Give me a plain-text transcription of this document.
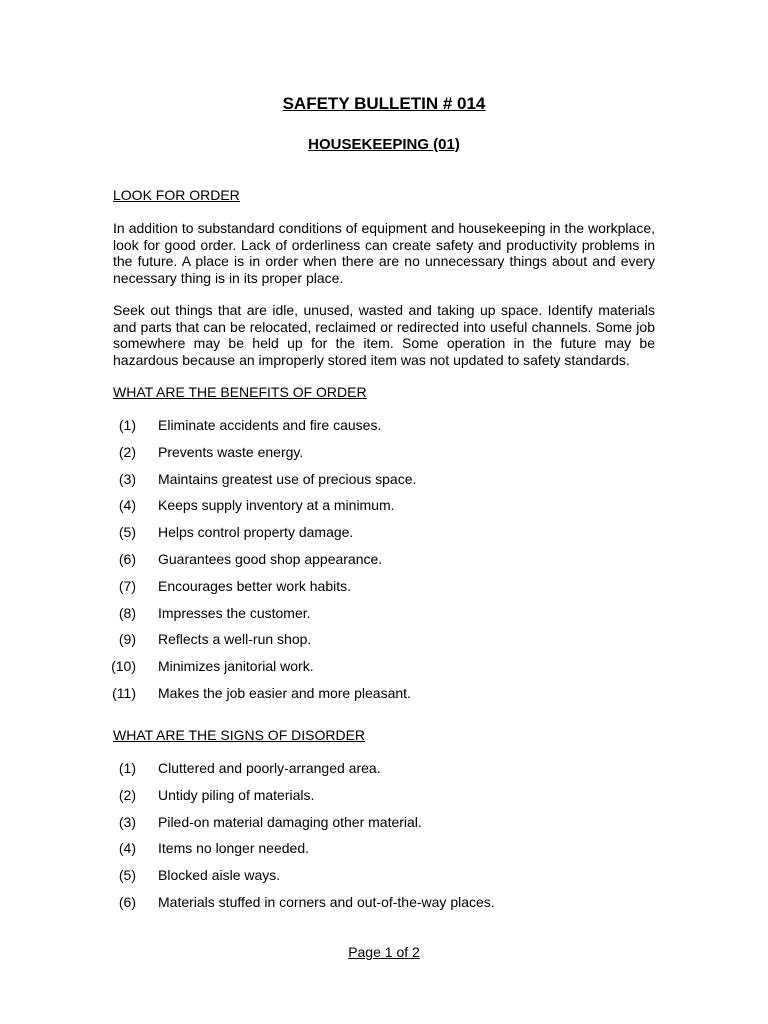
SAFETY BULLETIN # 014
HOUSEKEEPING (01)
LOOK FOR ORDER
In addition to substandard conditions of equipment and housekeeping in the workplace, look for good order. Lack of orderliness can create safety and productivity problems in the future. A place is in order when there are no unnecessary things about and every necessary thing is in its proper place.
Seek out things that are idle, unused, wasted and taking up space. Identify materials and parts that can be relocated, reclaimed or redirected into useful channels. Some job somewhere may be held up for the item. Some operation in the future may be hazardous because an improperly stored item was not updated to safety standards.
WHAT ARE THE BENEFITS OF ORDER
(1) Eliminate accidents and fire causes.
(2) Prevents waste energy.
(3) Maintains greatest use of precious space.
(4) Keeps supply inventory at a minimum.
(5) Helps control property damage.
(6) Guarantees good shop appearance.
(7) Encourages better work habits.
(8) Impresses the customer.
(9) Reflects a well-run shop.
(10) Minimizes janitorial work.
(11) Makes the job easier and more pleasant.
WHAT ARE THE SIGNS OF DISORDER
(1) Cluttered and poorly-arranged area.
(2) Untidy piling of materials.
(3) Piled-on material damaging other material.
(4) Items no longer needed.
(5) Blocked aisle ways.
(6) Materials stuffed in corners and out-of-the-way places.
Page 1 of 2
